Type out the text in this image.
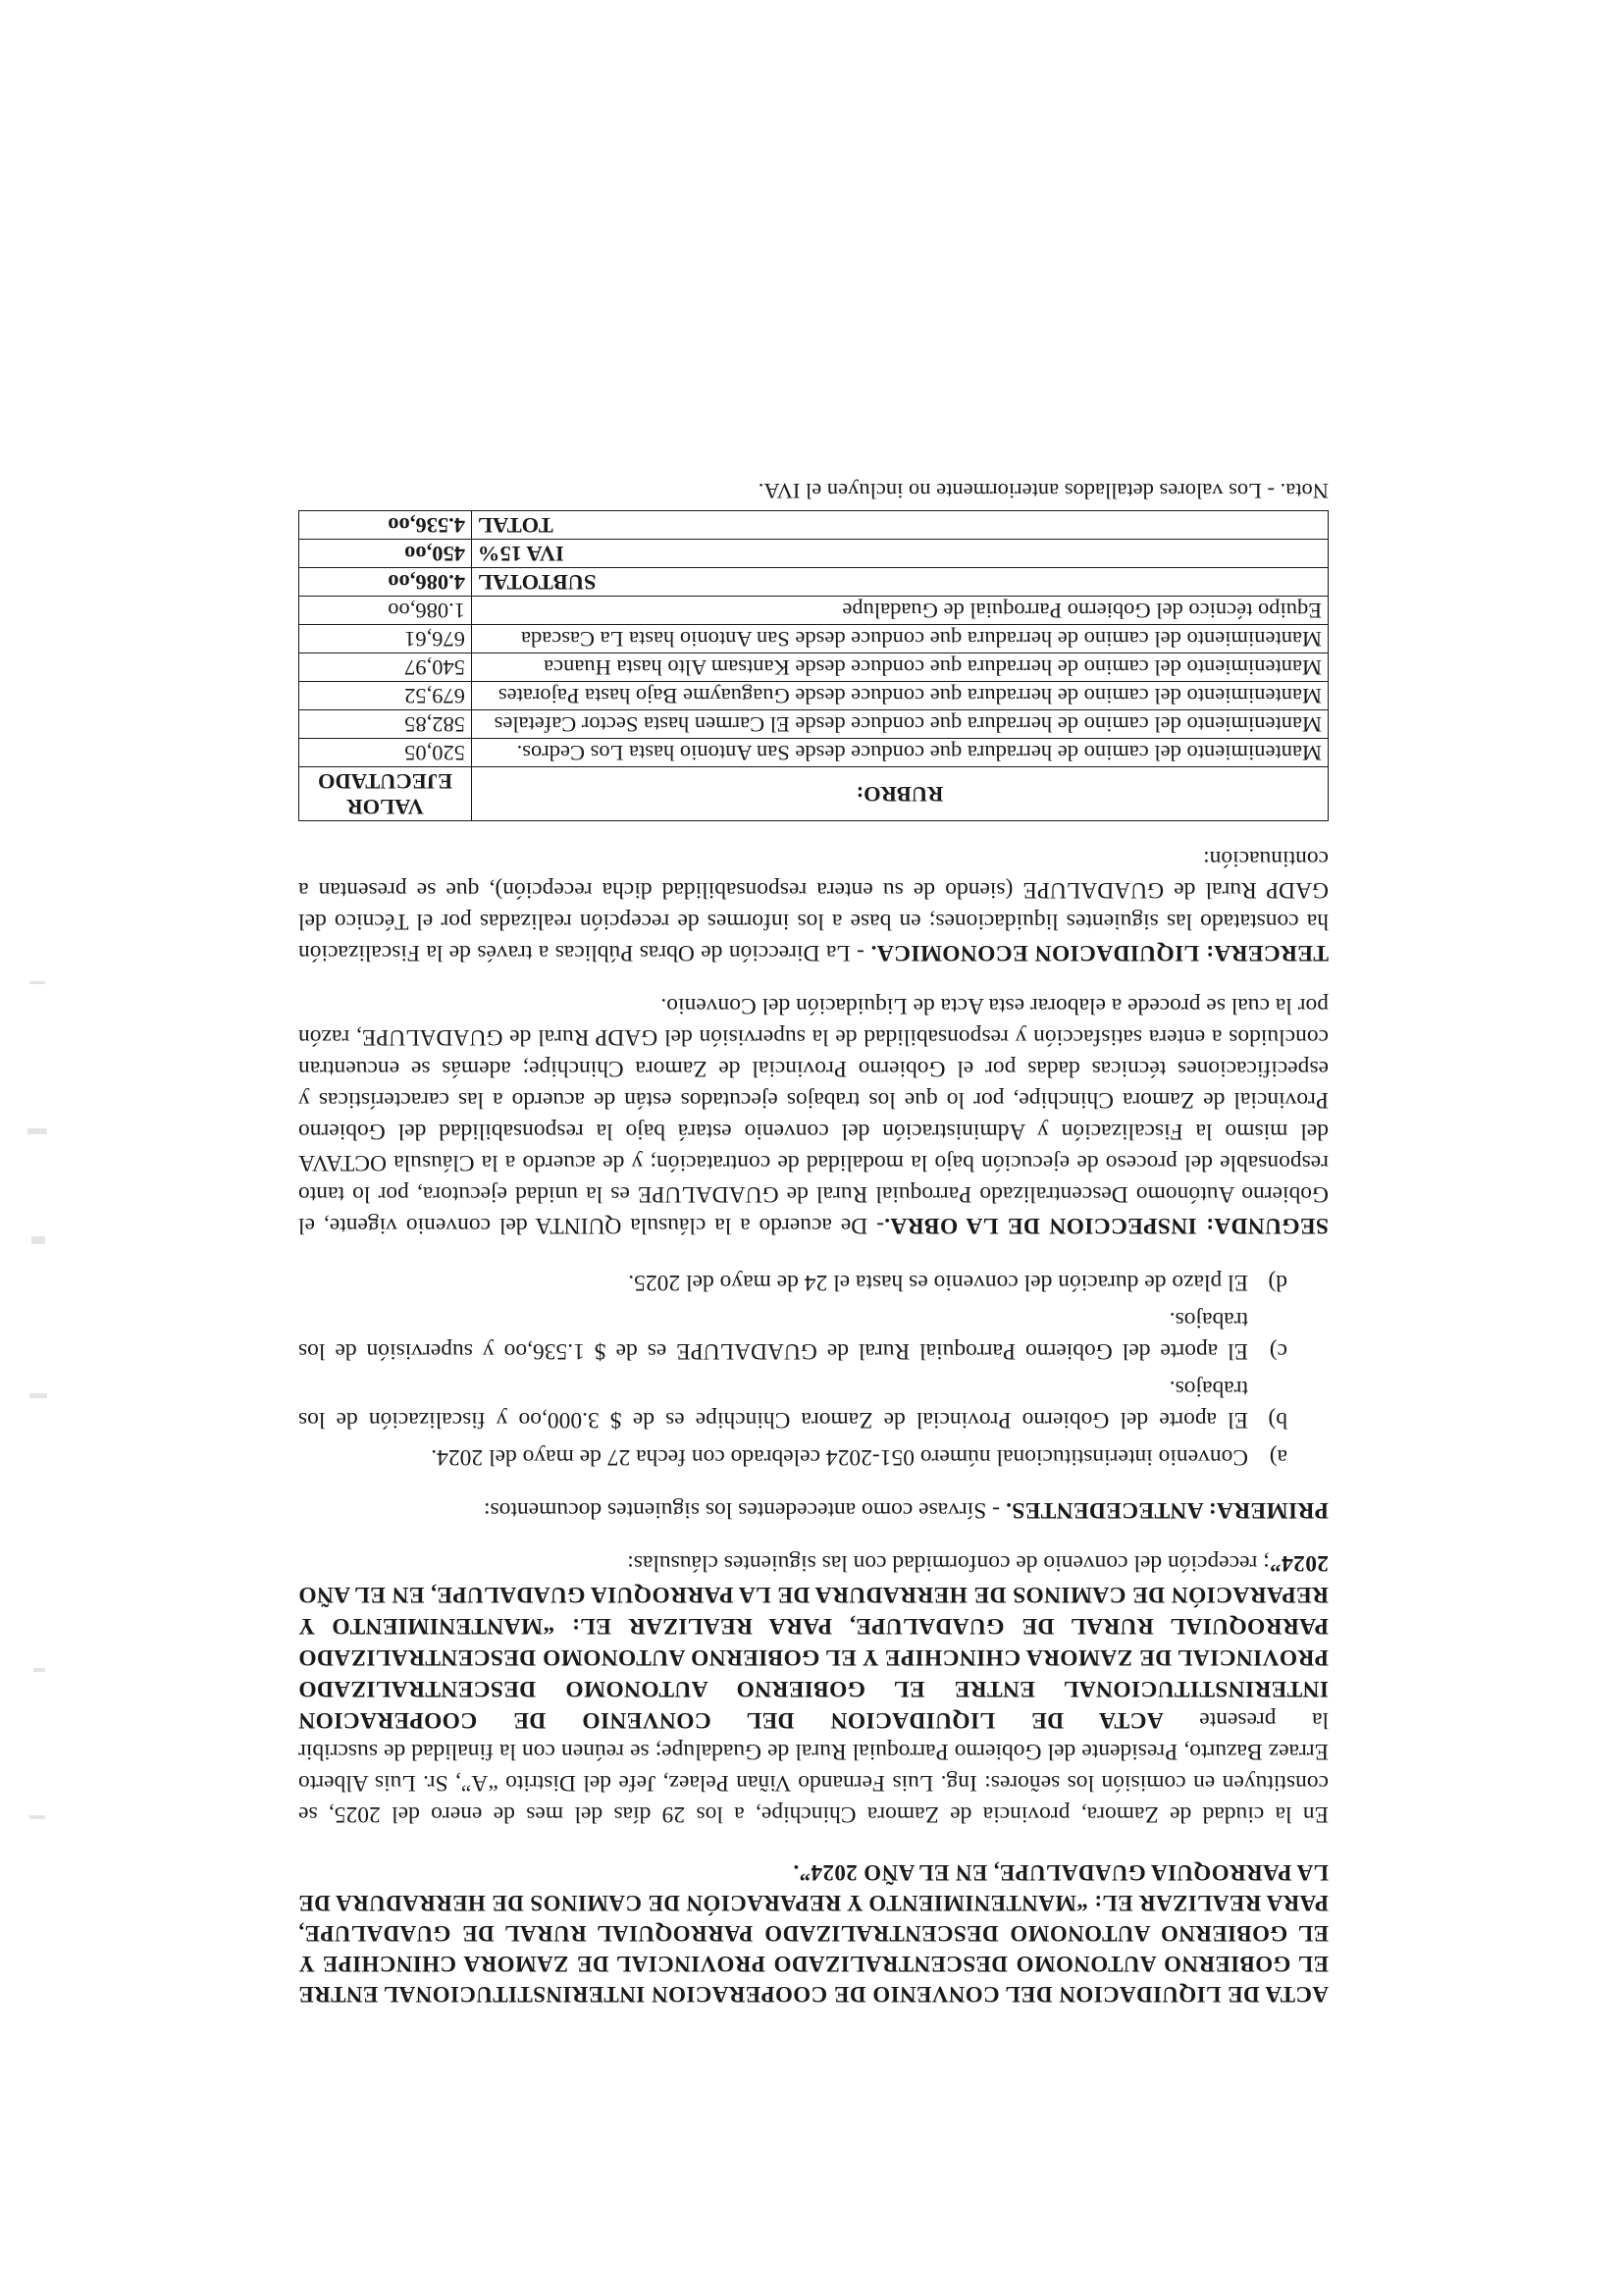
ACTA DE LIQUIDACION DEL CONVENIO DE COOPERACION INTERINSTITUCIONAL ENTRE EL GOBIERNO AUTONOMO DESCENTRALIZADO PROVINCIAL DE ZAMORA CHINCHIPE Y EL GOBIERNO AUTONOMO DESCENTRALIZADO PARROQUIAL RURAL DE GUADALUPE, PARA REALIZAR EL: “MANTENIMIENTO Y REPARACIÓN DE CAMINOS DE HERRADURA DE LA PARROQUIA GUADALUPE, EN EL AÑO 2024”.

En la ciudad de Zamora, provincia de Zamora Chinchipe, a los 29 días del mes de enero del 2025, se constituyen en comisión los señores: Ing. Luis Fernando Viñan Pelaez, Jefe del Distrito “A”, Sr. Luis Alberto Erraez Bazurto, Presidente del Gobierno Parroquial Rural de Guadalupe; se reúnen con la finalidad de suscribir la presente ACTA DE LIQUIDACION DEL CONVENIO DE COOPERACION INTERINSTITUCIONAL ENTRE EL GOBIERNO AUTONOMO DESCENTRALIZADO PROVINCIAL DE ZAMORA CHINCHIPE Y EL GOBIERNO AUTONOMO DESCENTRALIZADO PARROQUIAL RURAL DE GUADALUPE, PARA REALIZAR EL: “MANTENIMIENTO Y REPARACIÓN DE CAMINOS DE HERRADURA DE LA PARROQUIA GUADALUPE, EN EL AÑO 2024”; recepción del convenio de conformidad con las siguientes cláusulas:

PRIMERA: ANTECEDENTES. - Sírvase como antecedentes los siguientes documentos:

a)
Convenio interinstitucional número 051-2024 celebrado con fecha 27 de mayo del 2024.
b)
El aporte del Gobierno Provincial de Zamora Chinchipe es de $ 3.000,oo y fiscalización de los trabajos.
c)
El aporte del Gobierno Parroquial Rural de GUADALUPE es de $ 1.536,oo y supervisión de los trabajos.
d)
El plazo de duración del convenio es hasta el 24 de mayo del 2025.

SEGUNDA: INSPECCION DE LA OBRA.- De acuerdo a la cláusula QUINTA del convenio vigente, el Gobierno Autónomo Descentralizado Parroquial Rural de GUADALUPE es la unidad ejecutora, por lo tanto responsable del proceso de ejecución bajo la modalidad de contratación; y de acuerdo a la Cláusula OCTAVA del mismo la Fiscalización y Administración del convenio estará bajo la responsabilidad del Gobierno Provincial de Zamora Chinchipe, por lo que los trabajos ejecutados están de acuerdo a las características y especificaciones técnicas dadas por el Gobierno Provincial de Zamora Chinchipe; además se encuentran concluidos a entera satisfacción y responsabilidad de la supervisión del GADP Rural de GUADALUPE, razón por la cual se procede a elaborar esta Acta de Liquidación del Convenio.

TERCERA: LIQUIDACION ECONOMICA. - La Dirección de Obras Públicas a través de la Fiscalización ha constatado las siguientes liquidaciones; en base a los informes de recepción realizadas por el Técnico del GADP Rural de GUADALUPE (siendo de su entera responsabilidad dicha recepción), que se presentan a continuación:

RUBRO:	VALOR EJECUTADO
Mantenimiento del camino de herradura que conduce desde San Antonio hasta Los Cedros.	520,05
Mantenimiento del camino de herradura que conduce desde El Carmen hasta Sector Cafetales	582,85
Mantenimiento del camino de herradura que conduce desde Guaguayme Bajo hasta Pajorates	679,52
Mantenimiento del camino de herradura que conduce desde Kantsam Alto hasta Huanca	540,97
Mantenimiento del camino de herradura que conduce desde San Antonio hasta La Cascada	676,61
Equipo técnico del Gobierno Parroquial de Guadalupe	1.086,oo
SUBTOTAL	4.086,oo
IVA 15%	450,oo
TOTAL	4.536,oo

Nota. - Los valores detallados anteriormente no incluyen el IVA.
